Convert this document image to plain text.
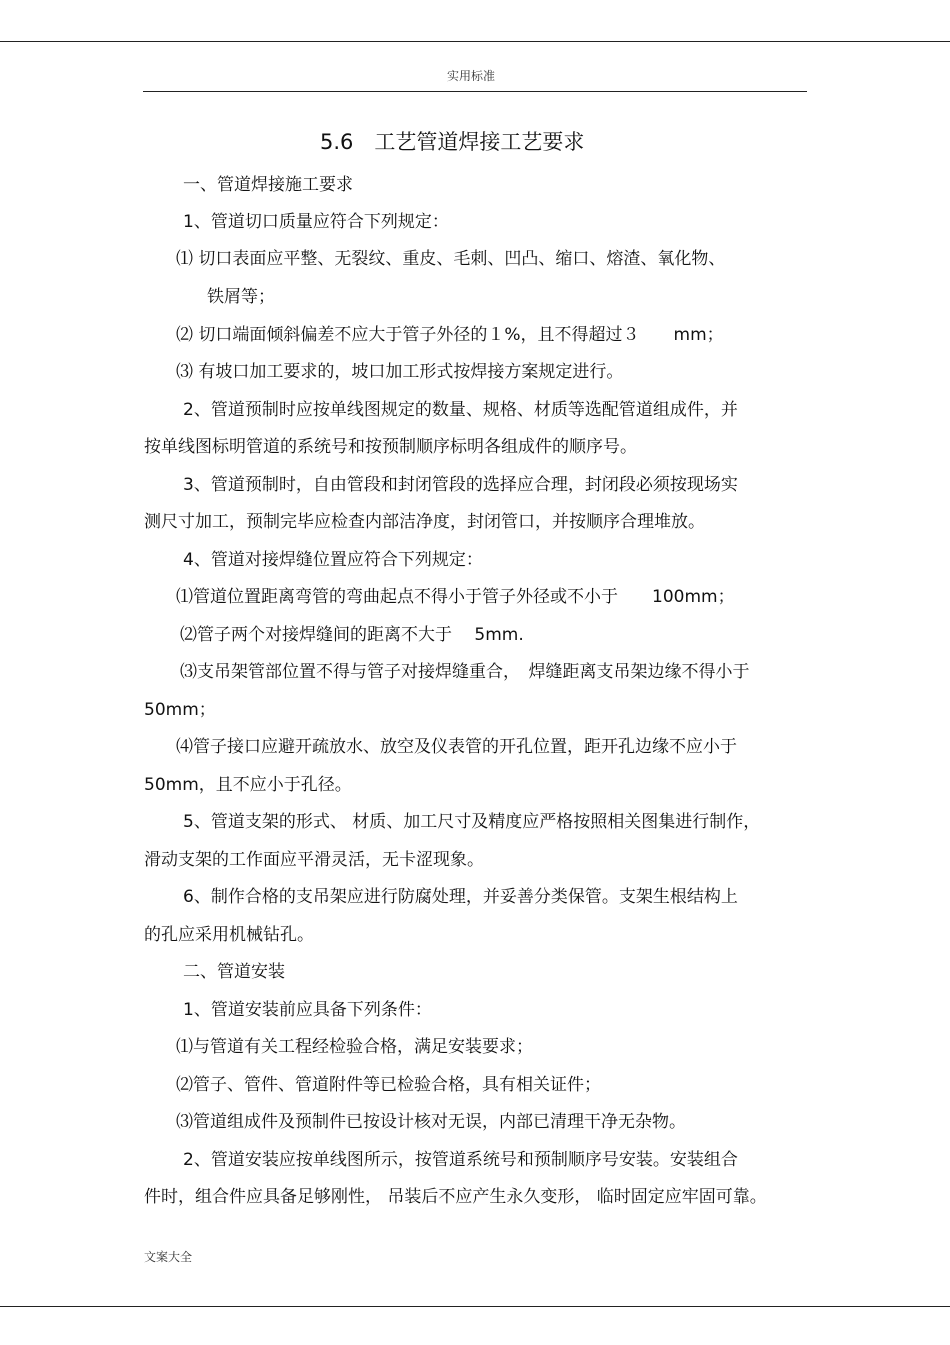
实用标准
5.6　工艺管道焊接工艺要求
一、管道焊接施工要求
1、管道切口质量应符合下列规定：
⑴ 切口表面应平整、无裂纹、重皮、毛刺、凹凸、缩口、熔渣、氧化物、
铁屑等；
⑵ 切口端面倾斜偏差不应大于管子外径的１%，且不得超过３　　mm；
⑶ 有坡口加工要求的，坡口加工形式按焊接方案规定进行。
2、管道预制时应按单线图规定的数量、规格、材质等选配管道组成件，并
按单线图标明管道的系统号和按预制顺序标明各组成件的顺序号。
3、管道预制时，自由管段和封闭管段的选择应合理，封闭段必须按现场实
测尺寸加工，预制完毕应检查内部洁净度，封闭管口，并按顺序合理堆放。
4、管道对接焊缝位置应符合下列规定：
⑴管道位置距离弯管的弯曲起点不得小于管子外径或不小于　　100mm；
⑵管子两个对接焊缝间的距离不大于　 5mm.
⑶支吊架管部位置不得与管子对接焊缝重合，　焊缝距离支吊架边缘不得小于
50mm；
⑷管子接口应避开疏放水、放空及仪表管的开孔位置，距开孔边缘不应小于
50mm，且不应小于孔径。
5、管道支架的形式、 材质、加工尺寸及精度应严格按照相关图集进行制作，
滑动支架的工作面应平滑灵活，无卡涩现象。
6、制作合格的支吊架应进行防腐处理，并妥善分类保管。支架生根结构上
的孔应采用机械钻孔。
二、管道安装
1、管道安装前应具备下列条件：
⑴与管道有关工程经检验合格，满足安装要求；
⑵管子、管件、管道附件等已检验合格，具有相关证件；
⑶管道组成件及预制件已按设计核对无误，内部已清理干净无杂物。
2、管道安装应按单线图所示，按管道系统号和预制顺序号安装。安装组合
件时，组合件应具备足够刚性， 吊装后不应产生永久变形， 临时固定应牢固可靠。
文案大全
